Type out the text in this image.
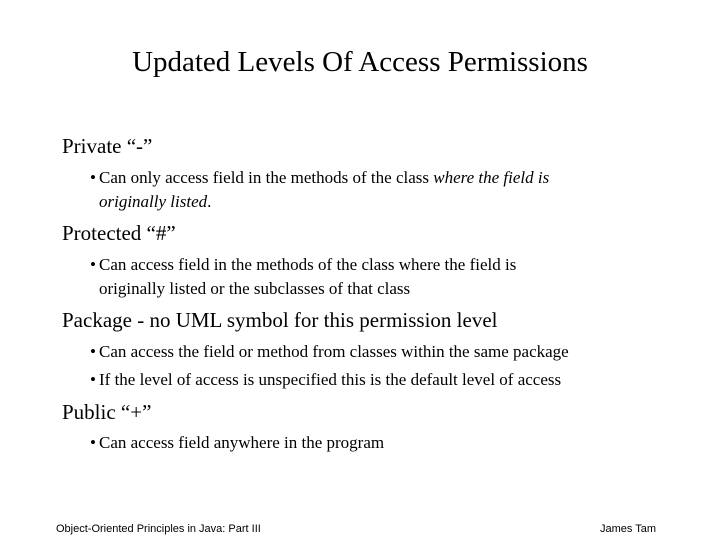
Updated Levels Of Access Permissions
Private “-”
• Can only access field in the methods of the class where the field is
originally listed.
Protected “#”
• Can access field in the methods of the class where the field is
originally listed or the subclasses of that class
Package - no UML symbol for this permission level
• Can access the field or method from classes within the same package
• If the level of access is unspecified this is the default level of access
Public “+”
• Can access field anywhere in the program
Object-Oriented Principles in Java: Part III	James Tam
